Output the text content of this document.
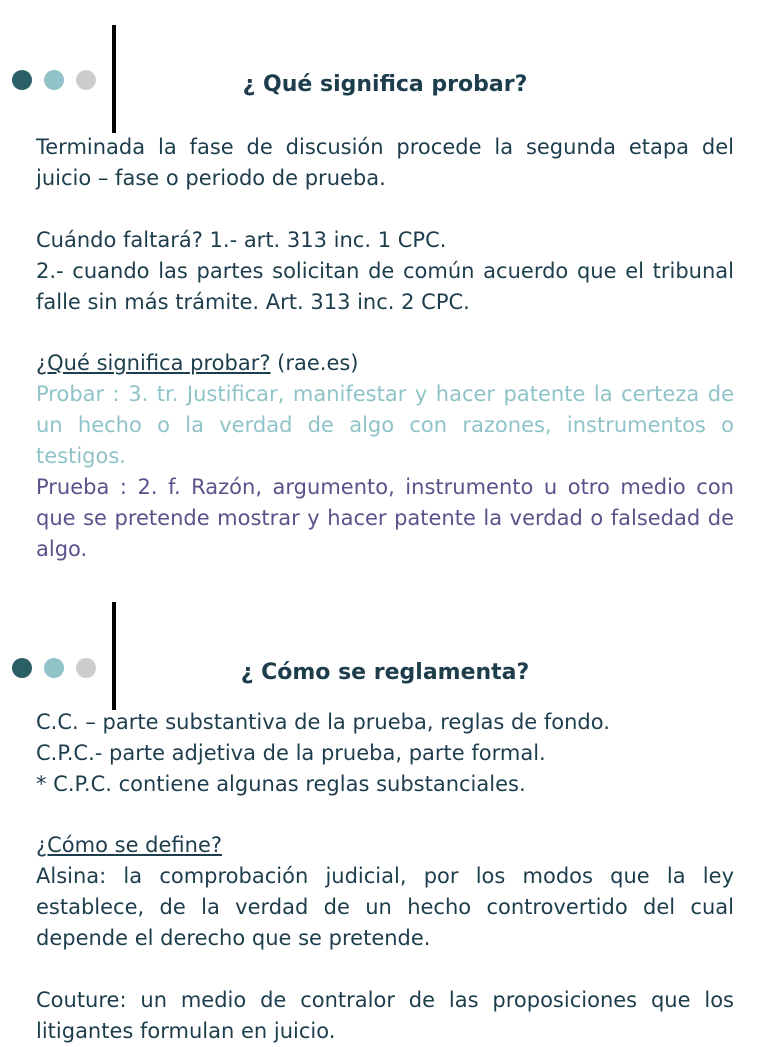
¿ Qué significa probar?

Terminada la fase de discusión procede la segunda etapa del juicio – fase o periodo de prueba.

Cuándo faltará? 1.- art. 313 inc. 1 CPC.

2.- cuando las partes solicitan de común acuerdo que el tribunal falle sin más trámite. Art. 313 inc. 2 CPC.

¿Qué significa probar? (rae.es)

Probar : 3. tr. Justificar, manifestar y hacer patente la certeza de un hecho o la verdad de algo con razones, instrumentos o testigos.

Prueba : 2. f. Razón, argumento, instrumento u otro medio con que se pretende mostrar y hacer patente la verdad o falsedad de algo.

¿ Cómo se reglamenta?

C.C. – parte substantiva de la prueba, reglas de fondo.

C.P.C.- parte adjetiva de la prueba, parte formal.

* C.P.C. contiene algunas reglas substanciales.

¿Cómo se define?

Alsina: la comprobación judicial, por los modos que la ley establece, de la verdad de un hecho controvertido del cual depende el derecho que se pretende.

Couture: un medio de contralor de las proposiciones que los litigantes formulan en juicio.
